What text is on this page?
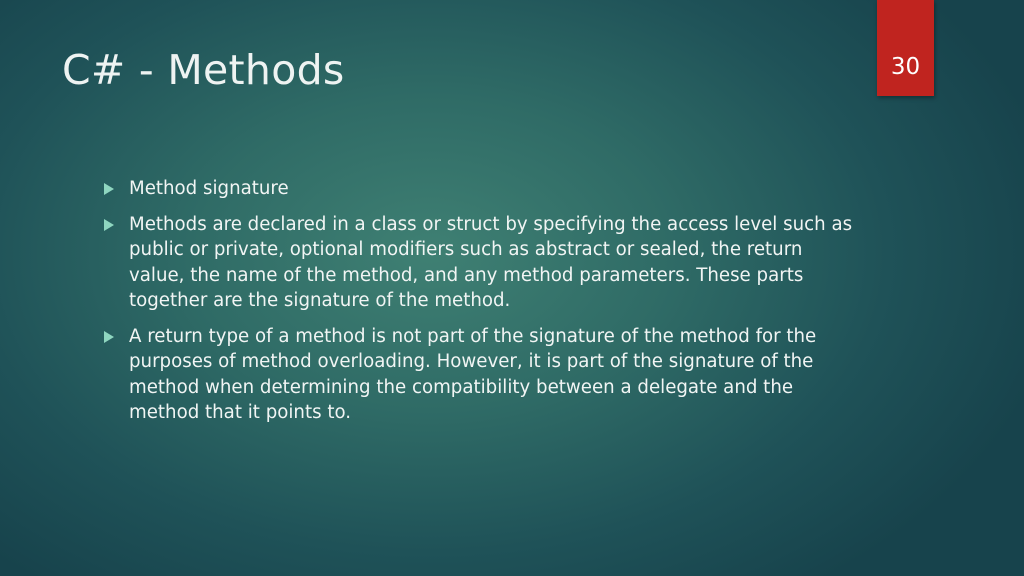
C# - Methods	30
Method signature
Methods are declared in a class or struct by specifying the access level such as public or private, optional modifiers such as abstract or sealed, the return value, the name of the method, and any method parameters. These parts together are the signature of the method.
A return type of a method is not part of the signature of the method for the purposes of method overloading. However, it is part of the signature of the method when determining the compatibility between a delegate and the method that it points to.
